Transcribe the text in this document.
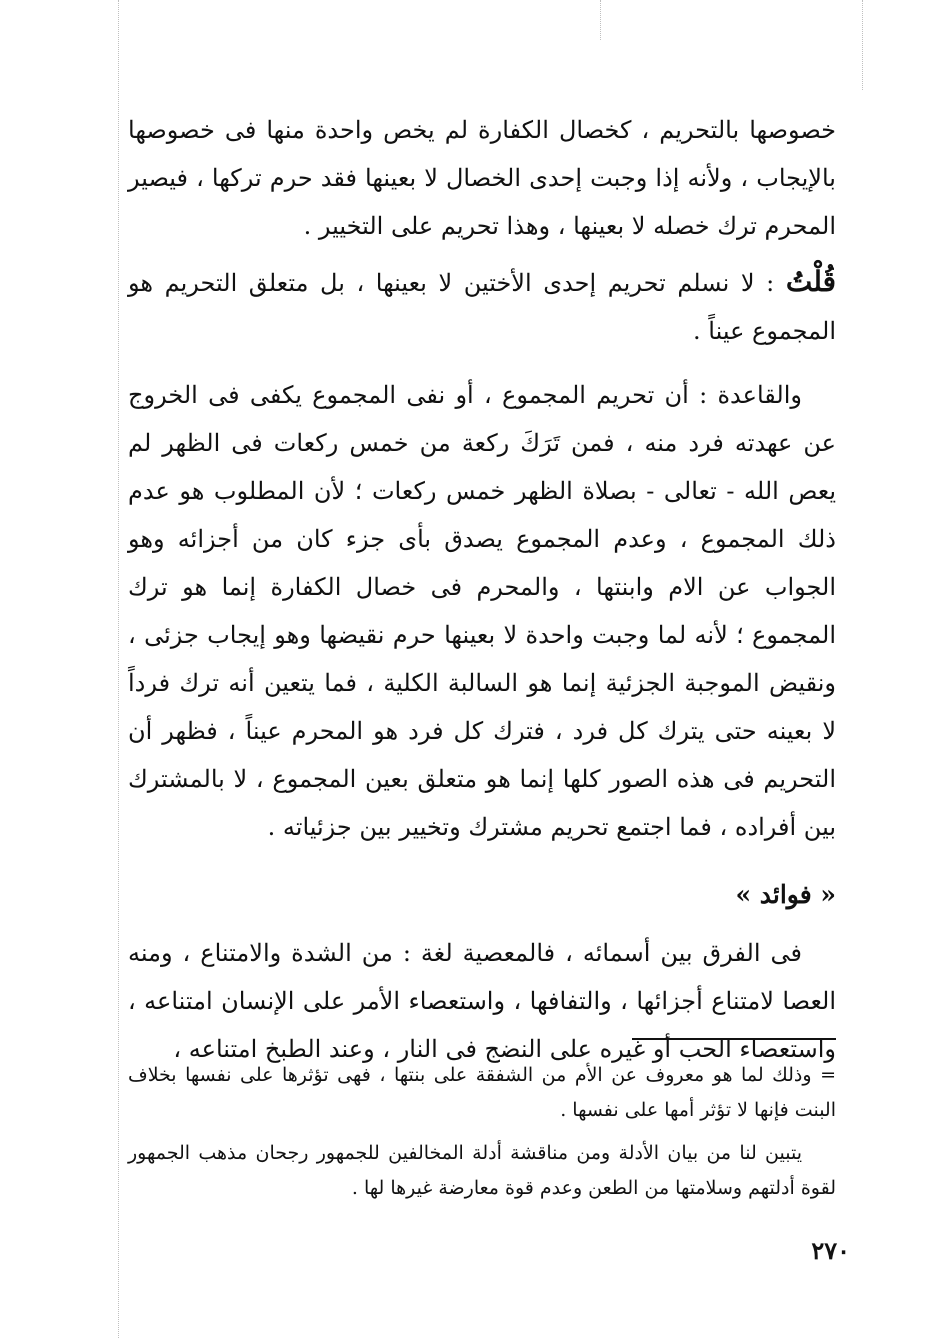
خصوصها بالتحريم ، كخصال الكفارة لم يخص واحدة منها فى خصوصها بالإيجاب ، ولأنه إذا وجبت إحدى الخصال لا بعينها فقد حرم تركها ، فيصير المحرم ترك خصله لا بعينها ، وهذا تحريم على التخيير .

قُلْتُ : لا نسلم تحريم إحدى الأختين لا بعينها ، بل متعلق التحريم هو المجموع عيناً .

والقاعدة : أن تحريم المجموع ، أو نفى المجموع يكفى فى الخروج عن عهدته فرد منه ، فمن تَرَكَ ركعة من خمس ركعات فى الظهر لم يعص الله - تعالى - بصلاة الظهر خمس ركعات ؛ لأن المطلوب هو عدم ذلك المجموع ، وعدم المجموع يصدق بأى جزء كان من أجزائه وهو الجواب عن الام وابنتها ، والمحرم فى خصال الكفارة إنما هو ترك المجموع ؛ لأنه لما وجبت واحدة لا بعينها حرم نقيضها وهو إيجاب جزئى ، ونقيض الموجبة الجزئية إنما هو السالبة الكلية ، فما يتعين أنه ترك فرداً لا بعينه حتى يترك كل فرد ، فترك كل فرد هو المحرم عيناً ، فظهر أن التحريم فى هذه الصور كلها إنما هو متعلق بعين المجموع ، لا بالمشترك بين أفراده ، فما اجتمع تحريم مشترك وتخيير بين جزئياته .

« فوائد »

فى الفرق بين أسمائه ، فالمعصية لغة : من الشدة والامتناع ، ومنه العصا لامتناع أجزائها ، والتفافها ، واستعصاء الأمر على الإنسان امتناعه ، واستعصاء الحب أو غيره على النضج فى النار ، وعند الطبخ امتناعه ،

= وذلك لما هو معروف عن الأم من الشفقة على بنتها ، فهى تؤثرها على نفسها بخلاف البنت فإنها لا تؤثر أمها على نفسها .

يتبين لنا من بيان الأدلة ومن مناقشة أدلة المخالفين للجمهور رجحان مذهب الجمهور لقوة أدلتهم وسلامتها من الطعن وعدم قوة معارضة غيرها لها .

٢٧٠
